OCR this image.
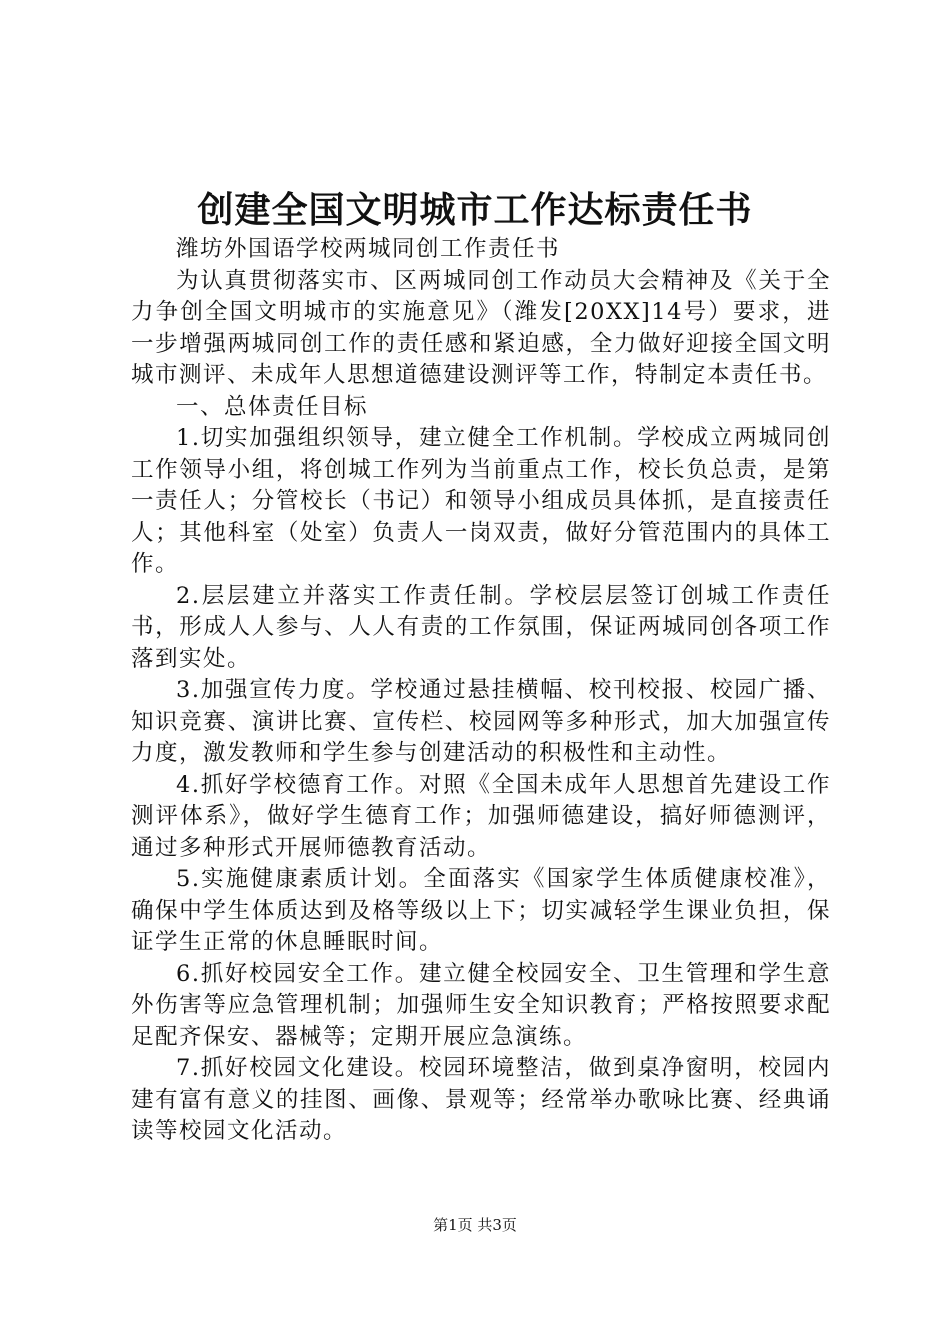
创建全国文明城市工作达标责任书

潍坊外国语学校两城同创工作责任书

为认真贯彻落实市、区两城同创工作动员大会精神及《关于全力争创全国文明城市的实施意见》（潍发[20XX]14号）要求，进一步增强两城同创工作的责任感和紧迫感，全力做好迎接全国文明城市测评、未成年人思想道德建设测评等工作，特制定本责任书。

一、总体责任目标

1.切实加强组织领导，建立健全工作机制。学校成立两城同创工作领导小组，将创城工作列为当前重点工作，校长负总责，是第一责任人；分管校长（书记）和领导小组成员具体抓，是直接责任人；其他科室（处室）负责人一岗双责，做好分管范围内的具体工作。

2.层层建立并落实工作责任制。学校层层签订创城工作责任书，形成人人参与、人人有责的工作氛围，保证两城同创各项工作落到实处。

3.加强宣传力度。学校通过悬挂横幅、校刊校报、校园广播、知识竞赛、演讲比赛、宣传栏、校园网等多种形式，加大加强宣传力度，激发教师和学生参与创建活动的积极性和主动性。

4.抓好学校德育工作。对照《全国未成年人思想首先建设工作测评体系》，做好学生德育工作；加强师德建设，搞好师德测评，通过多种形式开展师德教育活动。

5.实施健康素质计划。全面落实《国家学生体质健康校准》，确保中学生体质达到及格等级以上下；切实减轻学生课业负担，保证学生正常的休息睡眠时间。

6.抓好校园安全工作。建立健全校园安全、卫生管理和学生意外伤害等应急管理机制；加强师生安全知识教育；严格按照要求配足配齐保安、器械等；定期开展应急演练。

7.抓好校园文化建设。校园环境整洁，做到桌净窗明，校园内建有富有意义的挂图、画像、景观等；经常举办歌咏比赛、经典诵读等校园文化活动。

第1页 共3页
